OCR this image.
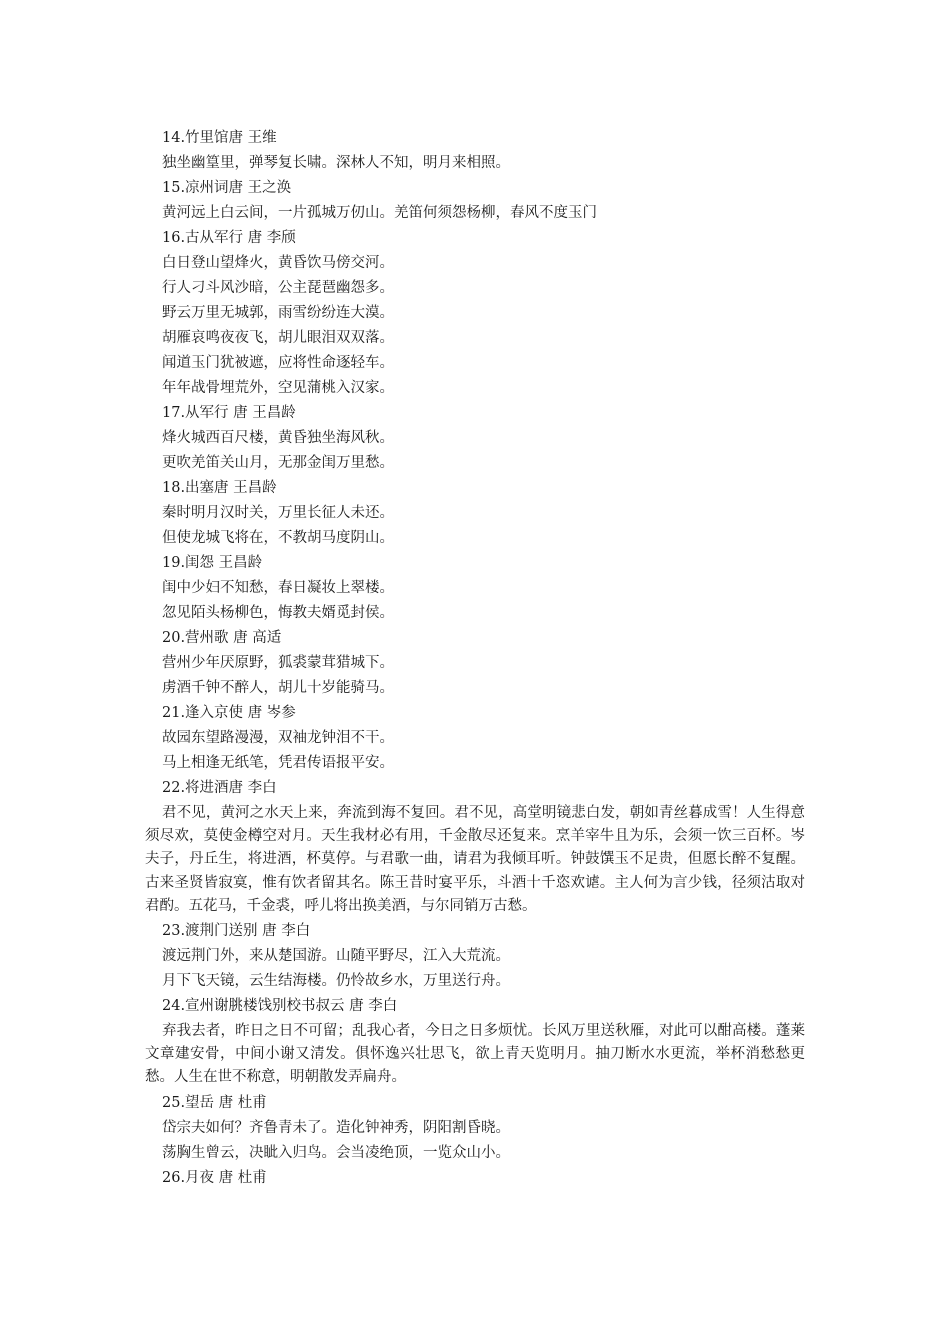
14.竹里馆唐 王维
独坐幽篁里，弹琴复长啸。深林人不知，明月来相照。
15.凉州词唐 王之涣
黄河远上白云间，一片孤城万仞山。羌笛何须怨杨柳，春风不度玉门
16.古从军行 唐 李颀
白日登山望烽火，黄昏饮马傍交河。
行人刁斗风沙暗，公主琵琶幽怨多。
野云万里无城郭，雨雪纷纷连大漠。
胡雁哀鸣夜夜飞，胡儿眼泪双双落。
闻道玉门犹被遮，应将性命逐轻车。
年年战骨埋荒外，空见蒲桃入汉家。
17.从军行 唐 王昌龄
烽火城西百尺楼，黄昏独坐海风秋。
更吹羌笛关山月，无那金闺万里愁。
18.出塞唐 王昌龄
秦时明月汉时关，万里长征人未还。
但使龙城飞将在，不教胡马度阴山。
19.闺怨 王昌龄
闺中少妇不知愁，春日凝妆上翠楼。
忽见陌头杨柳色，悔教夫婿觅封侯。
20.营州歌 唐 高适
营州少年厌原野，狐裘蒙茸猎城下。
虏酒千钟不醉人，胡儿十岁能骑马。
21.逢入京使 唐 岑参
故园东望路漫漫，双袖龙钟泪不干。
马上相逢无纸笔，凭君传语报平安。
22.将进酒唐 李白
君不见，黄河之水天上来，奔流到海不复回。君不见，高堂明镜悲白发，朝如青丝暮成雪！人生得意须尽欢，莫使金樽空对月。天生我材必有用，千金散尽还复来。烹羊宰牛且为乐，会须一饮三百杯。岑夫子，丹丘生，将进酒，杯莫停。与君歌一曲，请君为我倾耳听。钟鼓馔玉不足贵，但愿长醉不复醒。古来圣贤皆寂寞，惟有饮者留其名。陈王昔时宴平乐，斗酒十千恣欢谑。主人何为言少钱，径须沽取对君酌。五花马，千金裘，呼儿将出换美酒，与尔同销万古愁。
23.渡荆门送别 唐 李白
渡远荆门外，来从楚国游。山随平野尽，江入大荒流。
月下飞天镜，云生结海楼。仍怜故乡水，万里送行舟。
24.宣州谢朓楼饯别校书叔云 唐 李白
弃我去者，昨日之日不可留；乱我心者，今日之日多烦忧。长风万里送秋雁，对此可以酣高楼。蓬莱文章建安骨，中间小谢又清发。俱怀逸兴壮思飞，欲上青天览明月。抽刀断水水更流，举杯消愁愁更愁。人生在世不称意，明朝散发弄扁舟。
25.望岳 唐 杜甫
岱宗夫如何？齐鲁青未了。造化钟神秀，阴阳割昏晓。
荡胸生曾云，决眦入归鸟。会当凌绝顶，一览众山小。
26.月夜 唐 杜甫
